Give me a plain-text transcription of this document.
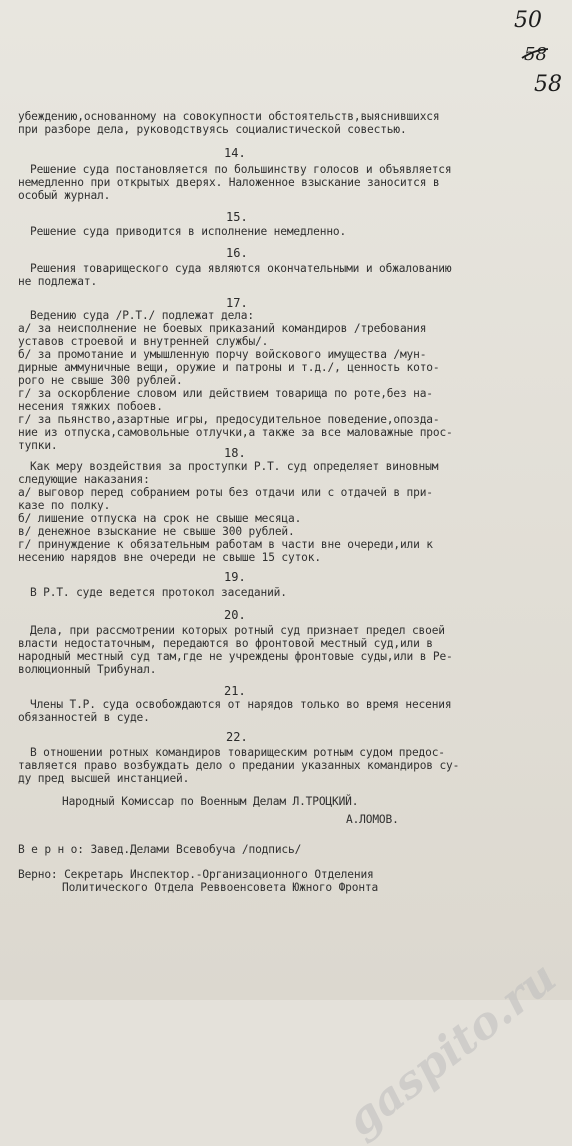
50
58
58
убеждению,основанному на совокупности обстоятельств,выяснившихся
при разборе дела, руководствуясь социалистической совестью.
14.
Решение суда постановляется по большинству голосов и объявляется
немедленно при открытых дверях. Наложенное взыскание заносится в
особый журнал.
15.
Решение суда приводится в исполнение немедленно.
16.
Решения товарищеского суда являются окончательными и обжалованию
не подлежат.
17.
Ведению суда /Р.Т./ подлежат дела:
а/ за неисполнение не боевых приказаний командиров /требования
уставов строевой и внутренней службы/.
б/ за промотание и умышленную порчу войскового имущества /мун-
дирные аммуничные вещи, оружие и патроны и т.д./, ценность кото-
рого не свыше 300 рублей.
г/ за оскорбление словом или действием товарища по роте,без на-
несения тяжких побоев.
г/ за пьянство,азартные игры, предосудительное поведение,опозда-
ние из отпуска,самовольные отлучки,а также за все маловажные прос-
тупки.
18.
Как меру воздействия за проступки Р.Т. суд определяет виновным
следующие наказания:
а/ выговор перед собранием роты без отдачи или с отдачей в при-
казе по полку.
б/ лишение отпуска на срок не свыше месяца.
в/ денежное взыскание не свыше 300 рублей.
г/ принуждение к обязательным работам в части вне очереди,или к
несению нарядов вне очереди не свыше 15 суток.
19.
В Р.Т. суде ведется протокол заседаний.
20.
Дела, при рассмотрении которых ротный суд признает предел своей
власти недостаточным, передаются во фронтовой местный суд,или в
народный местный суд там,где не учреждены фронтовые суды,или в Ре-
волюционный Трибунал.
21.
Члены Т.Р. суда освобождаются от нарядов только во время несения
обязанностей в суде.
22.
В отношении ротных командиров товарищеским ротным судом предос-
тавляется право возбуждать дело о предании указанных командиров су-
ду пред высшей инстанцией.
Народный Комиссар по Военным Делам Л.ТРОЦКИЙ.
А.ЛОМОВ.
В е р н о: Завед.Делами Всевобуча /подпись/
Верно: Секретарь Инспектор.-Организационного Отделения
Политического Отдела Реввоенсовета Южного Фронта
gaspito.ru
